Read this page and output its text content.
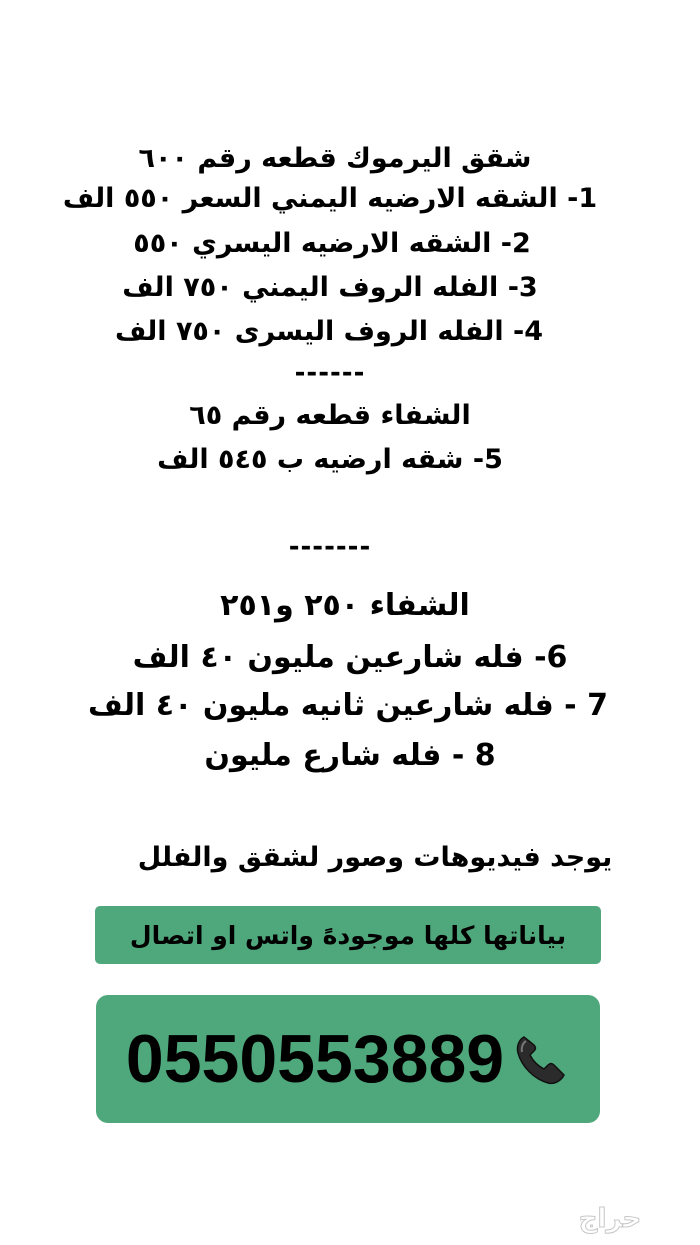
شقق اليرموك قطعه رقم ٦٠٠
1- الشقه الارضيه اليمني السعر ٥٥٠ الف
2- الشقه الارضيه اليسري ٥٥٠
3- الفله الروف اليمني ٧٥٠ الف
4- الفله الروف اليسرى ٧٥٠ الف
------
الشفاء قطعه رقم ٦٥
5- شقه ارضيه ب ٥٤٥ الف
-------
الشفاء ٢٥٠ و٢٥١
6- فله شارعين مليون ٤٠ الف
7 - فله شارعين ثانيه مليون ٤٠ الف
8 - فله شارع مليون
يوجد فيديوهات وصور لشقق والفلل
بياناتها كلها موجودهً واتس او اتصال
0550553889
حراج
